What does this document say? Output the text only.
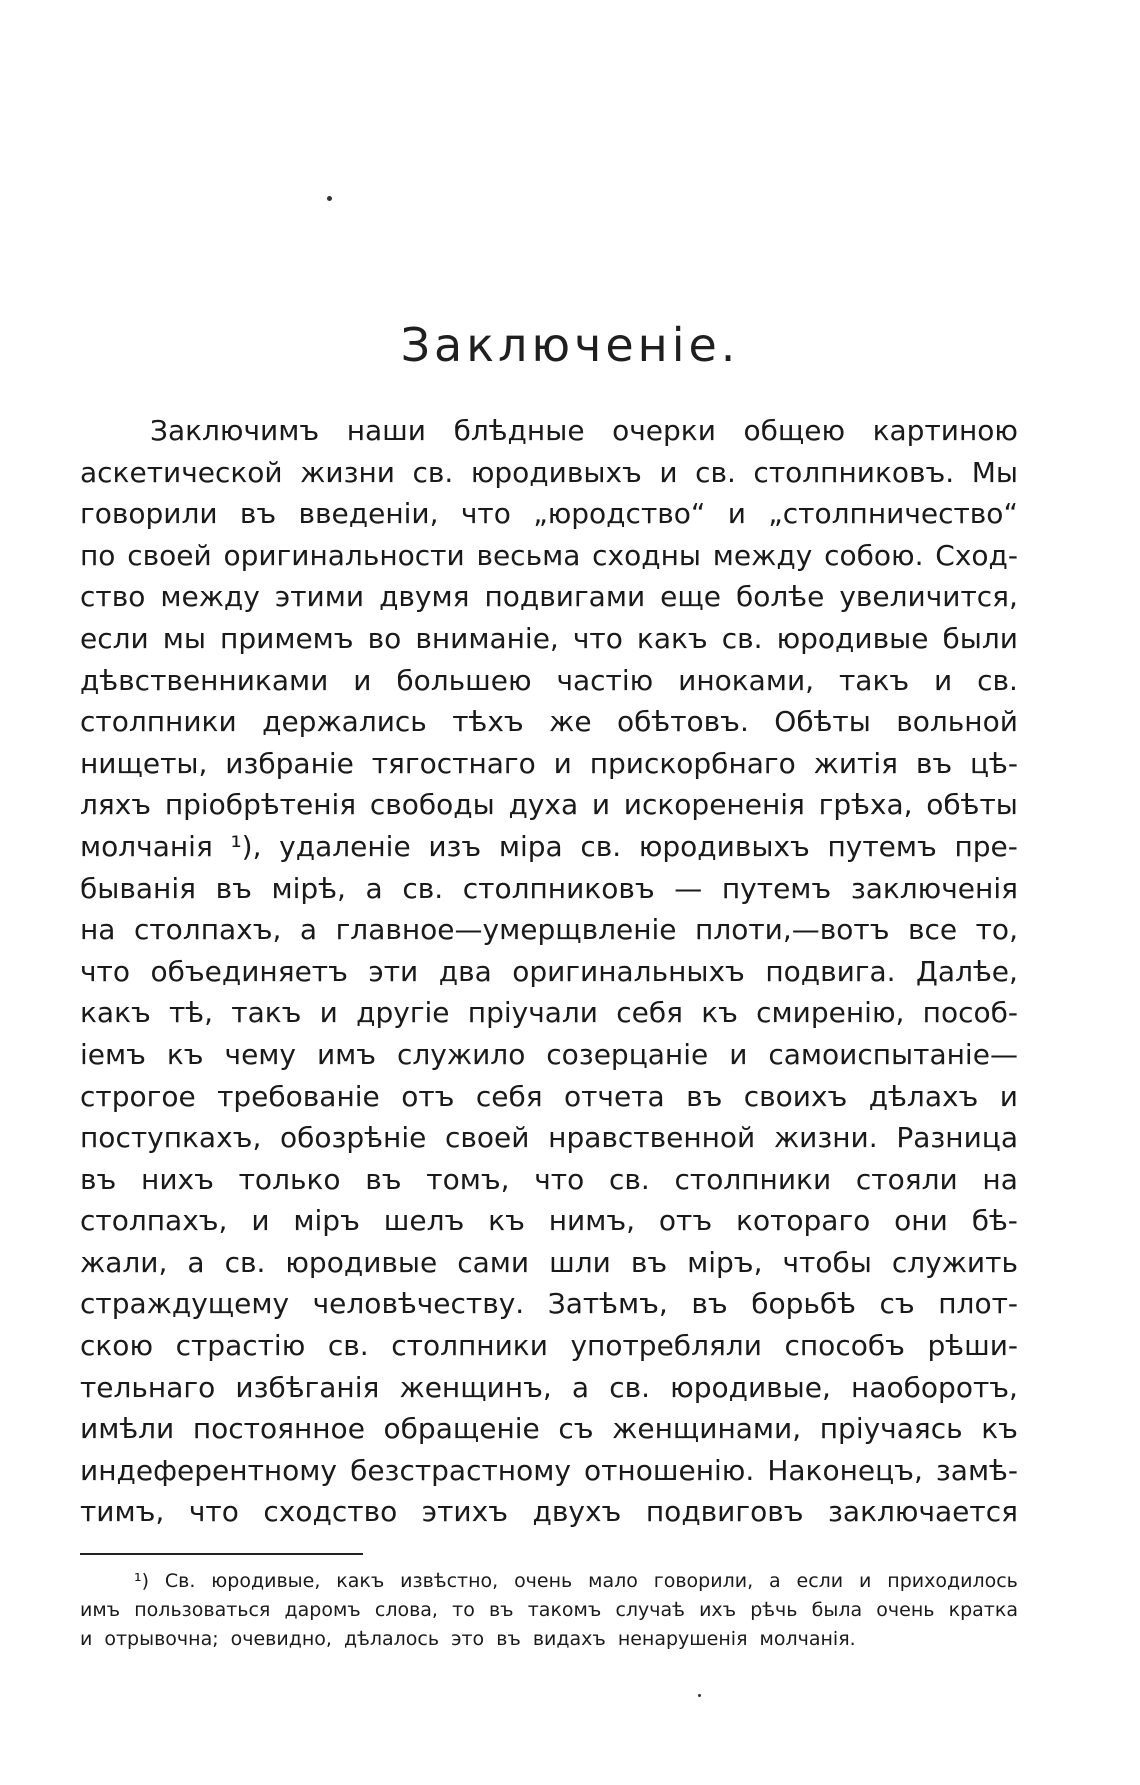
Заключеніе.
Заключимъ наши блѣдные очерки общею картиною
аскетической жизни св. юродивыхъ и св. столпниковъ. Мы
говорили въ введеніи, что „юродство“ и „столпничество“
по своей оригинальности весьма сходны между собою. Сход-
ство между этими двумя подвигами еще болѣе увеличится,
если мы примемъ во вниманіе, что какъ св. юродивые были
дѣвственниками и большею частію иноками, такъ и св.
столпники держались тѣхъ же обѣтовъ. Обѣты вольной
нищеты, избраніе тягостнаго и прискорбнаго житія въ цѣ-
ляхъ пріобрѣтенія свободы духа и искорененія грѣха, обѣты
молчанія ¹), удаленіе изъ міра св. юродивыхъ путемъ пре-
быванія въ мірѣ, а св. столпниковъ — путемъ заключенія
на столпахъ, а главное—умерщвленіе плоти,—вотъ все то,
что объединяетъ эти два оригинальныхъ подвига. Далѣе,
какъ тѣ, такъ и другіе пріучали себя къ смиренію, пособ-
іемъ къ чему имъ служило созерцаніе и самоиспытаніе—
строгое требованіе отъ себя отчета въ своихъ дѣлахъ и
поступкахъ, обозрѣніе своей нравственной жизни. Разница
въ нихъ только въ томъ, что св. столпники стояли на
столпахъ, и міръ шелъ къ нимъ, отъ котораго они бѣ-
жали, а св. юродивые сами шли въ міръ, чтобы служить
страждущему человѣчеству. Затѣмъ, въ борьбѣ съ плот-
скою страстію св. столпники употребляли способъ рѣши-
тельнаго избѣганія женщинъ, а св. юродивые, наоборотъ,
имѣли постоянное обращеніе съ женщинами, пріучаясь къ
индеферентному безстрастному отношенію. Наконецъ, замѣ-
тимъ, что сходство этихъ двухъ подвиговъ заключается
¹) Св. юродивые, какъ извѣстно, очень мало говорили, а если и приходилось
имъ пользоваться даромъ слова, то въ такомъ случаѣ ихъ рѣчь была очень кратка
и отрывочна; очевидно, дѣлалось это въ видахъ ненарушенія молчанія.
